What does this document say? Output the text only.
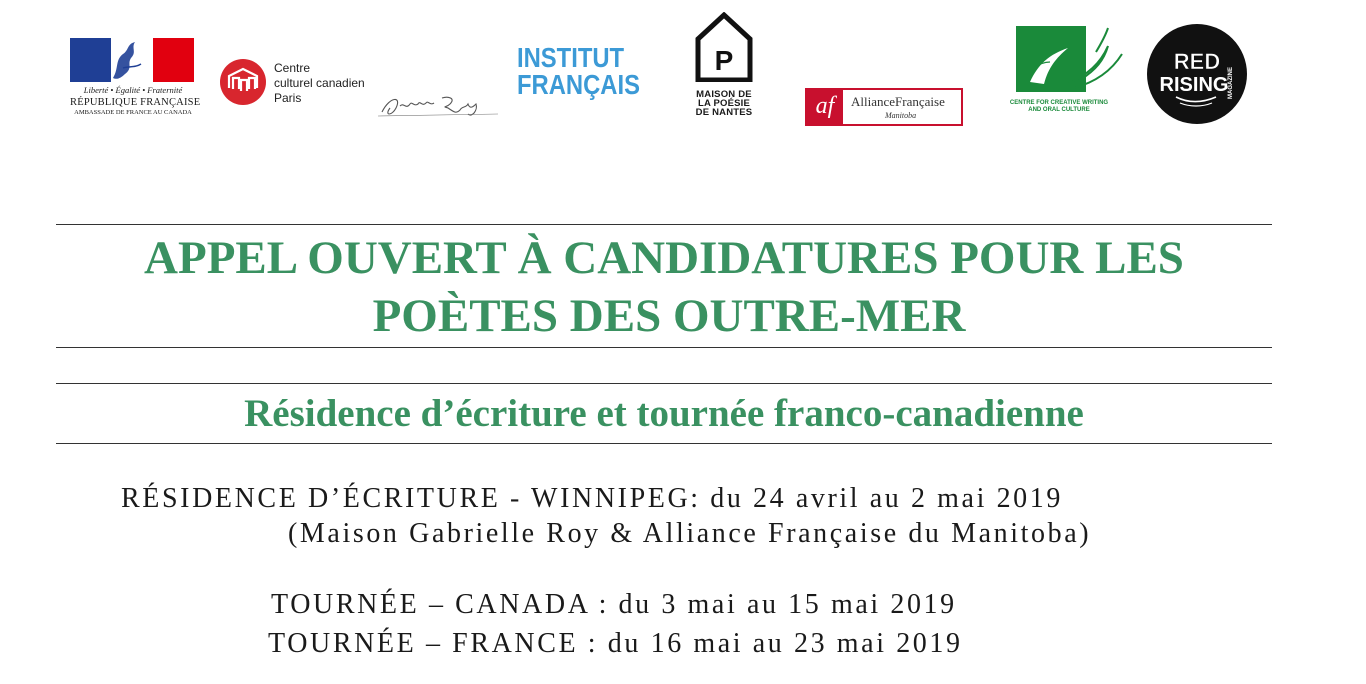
Liberté • Égalité • Fraternité
RÉPUBLIQUE FRANÇAISE
AMBASSADE DE FRANCE AU CANADA
Centre
culturel canadien
Paris
INSTITUT
FRANÇAIS
P
MAISON DE
LA POÉSIE
DE NANTES	af	AllianceFrançaise
Manitoba
CENTRE FOR CREATIVE WRITING
AND ORAL CULTURE
RED
RISING MAGAZINE
APPEL OUVERT À CANDIDATURES POUR LES
POÈTES DES OUTRE-MER
Résidence d’écriture et tournée franco-canadienne
RÉSIDENCE D’ÉCRITURE - WINNIPEG: du 24 avril au 2 mai 2019
(Maison Gabrielle Roy & Alliance Française du Manitoba)
TOURNÉE – CANADA : du 3 mai au 15 mai 2019
TOURNÉE – FRANCE : du 16 mai au 23 mai 2019
